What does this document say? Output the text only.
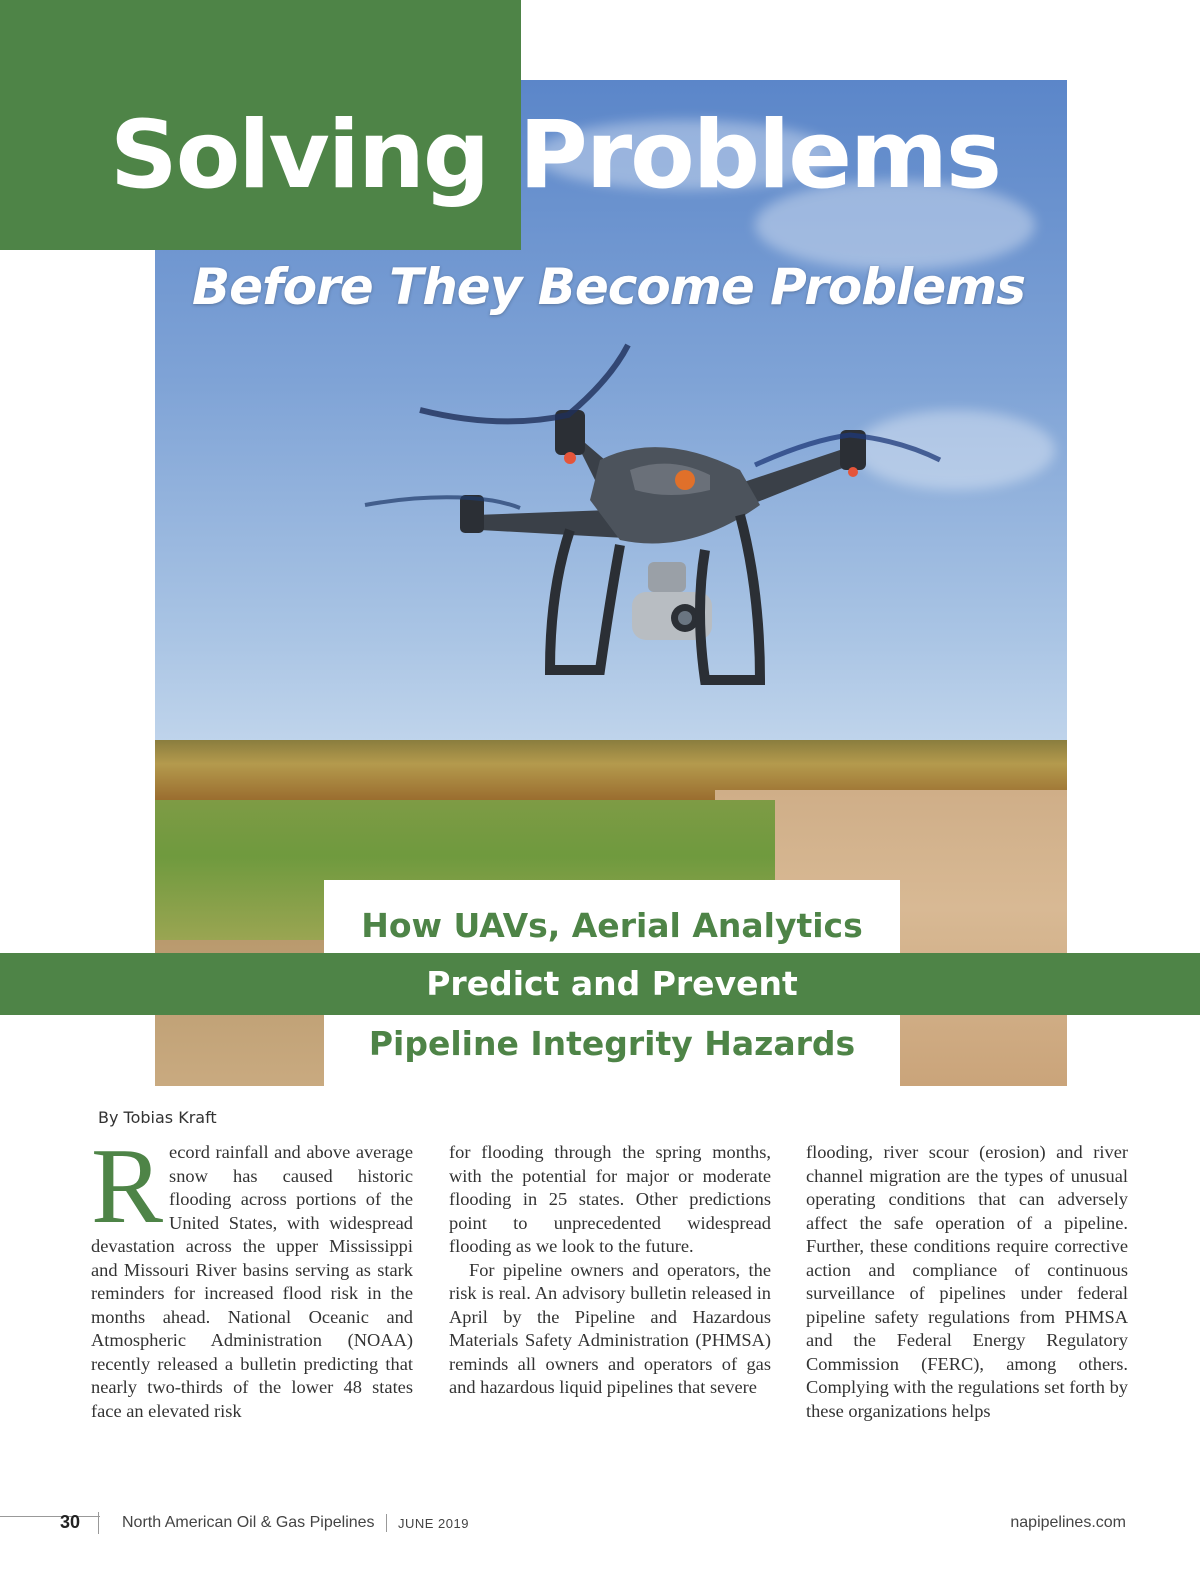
Solving Problems
Before They Become Problems

How UAVs, Aerial Analytics

Predict and Prevent

Pipeline Integrity Hazards

By Tobias Kraft

Record rainfall and above average snow has caused historic flooding across portions of the United States, with widespread devastation across the upper Mississippi and Missouri River basins serving as stark reminders for increased flood risk in the months ahead. National Oceanic and Atmospheric Administration (NOAA) recently released a bulletin predicting that nearly two-thirds of the lower 48 states face an elevated risk

for flooding through the spring months, with the potential for major or moderate flooding in 25 states. Other predictions point to unprecedented widespread flooding as we look to the future.

For pipeline owners and operators, the risk is real. An advisory bulletin released in April by the Pipeline and Hazardous Materials Safety Administration (PHMSA) reminds all owners and operators of gas and hazardous liquid pipelines that severe

flooding, river scour (erosion) and river channel migration are the types of unusual operating conditions that can adversely affect the safe operation of a pipeline. Further, these conditions require corrective action and compliance of continuous surveillance of pipelines under federal pipeline safety regulations from PHMSA and the Federal Energy Regulatory Commission (FERC), among others. Complying with the regulations set forth by these organizations helps

30	North American Oil & Gas Pipelines JUNE 2019	napipelines.com
